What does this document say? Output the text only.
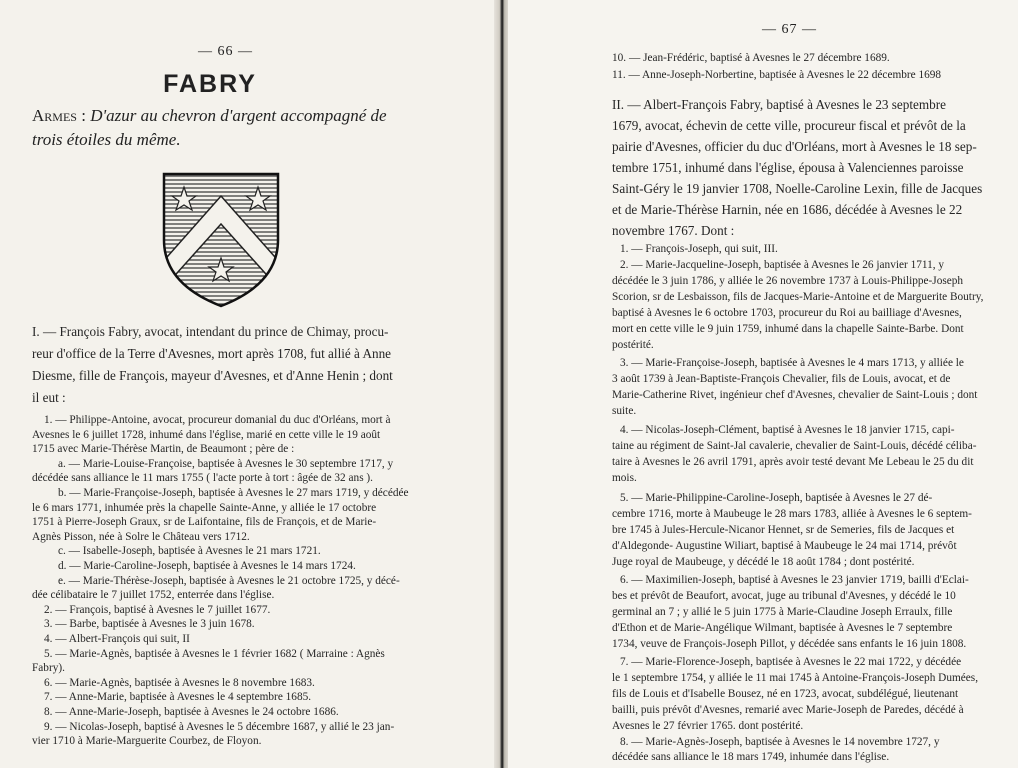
— 66 —
FABRY
Armes : D'azur au chevron d'argent accompagné de
trois étoiles du même.
I. — François Fabry, avocat, intendant du prince de Chimay, procu-
reur d'office de la Terre d'Avesnes, mort après 1708, fut allié à Anne
Diesme, fille de François, mayeur d'Avesnes, et d'Anne Henin ; dont
il eut :
1. — Philippe-Antoine, avocat, procureur domanial du duc d'Orléans, mort à
Avesnes le 6 juillet 1728, inhumé dans l'église, marié en cette ville le 19 août
1715 avec Marie-Thérèse Martin, de Beaumont ; père de :
a. — Marie-Louise-Françoise, baptisée à Avesnes le 30 septembre 1717, y
décédée sans alliance le 11 mars 1755 ( l'acte porte à tort : âgée de 32 ans ).
b. — Marie-Françoise-Joseph, baptisée à Avesnes le 27 mars 1719, y décédée
le 6 mars 1771, inhumée près la chapelle Sainte-Anne, y alliée le 17 octobre
1751 à Pierre-Joseph Graux, sr de Laifontaine, fils de François, et de Marie-
Agnès Pisson, née à Solre le Château vers 1712.
c. — Isabelle-Joseph, baptisée à Avesnes le 21 mars 1721.
d. — Marie-Caroline-Joseph, baptisée à Avesnes le 14 mars 1724.
e. — Marie-Thérèse-Joseph, baptisée à Avesnes le 21 octobre 1725, y décé-
dée célibataire le 7 juillet 1752, enterrée dans l'église.
2. — François, baptisé à Avesnes le 7 juillet 1677.
3. — Barbe, baptisée à Avesnes le 3 juin 1678.
4. — Albert-François qui suit, II
5. — Marie-Agnès, baptisée à Avesnes le 1 février 1682 ( Marraine : Agnès
Fabry).
6. — Marie-Agnès, baptisée à Avesnes le 8 novembre 1683.
7. — Anne-Marie, baptisée à Avesnes le 4 septembre 1685.
8. — Anne-Marie-Joseph, baptisée à Avesnes le 24 octobre 1686.
9. — Nicolas-Joseph, baptisé à Avesnes le 5 décembre 1687, y allié le 23 jan-
vier 1710 à Marie-Marguerite Courbez, de Floyon.
— 67 —
10. — Jean-Frédéric, baptisé à Avesnes le 27 décembre 1689.
11. — Anne-Joseph-Norbertine, baptisée à Avesnes le 22 décembre 1698
II. — Albert-François Fabry, baptisé à Avesnes le 23 septembre
1679, avocat, échevin de cette ville, procureur fiscal et prévôt de la
pairie d'Avesnes, officier du duc d'Orléans, mort à Avesnes le 18 sep-
tembre 1751, inhumé dans l'église, épousa à Valenciennes paroisse
Saint-Géry le 19 janvier 1708, Noelle-Caroline Lexin, fille de Jacques
et de Marie-Thérèse Harnin, née en 1686, décédée à Avesnes le 22
novembre 1767. Dont :
1. — François-Joseph, qui suit, III.
2. — Marie-Jacqueline-Joseph, baptisée à Avesnes le 26 janvier 1711, y
décédée le 3 juin 1786, y alliée le 26 novembre 1737 à Louis-Philippe-Joseph
Scorion, sr de Lesbaisson, fils de Jacques-Marie-Antoine et de Marguerite Boutry,
baptisé à Avesnes le 6 octobre 1703, procureur du Roi au bailliage d'Avesnes,
mort en cette ville le 9 juin 1759, inhumé dans la chapelle Sainte-Barbe. Dont
postérité.
3. — Marie-Françoise-Joseph, baptisée à Avesnes le 4 mars 1713, y alliée le
3 août 1739 à Jean-Baptiste-François Chevalier, fils de Louis, avocat, et de
Marie-Catherine Rivet, ingénieur chef d'Avesnes, chevalier de Saint-Louis ; dont
suite.
4. — Nicolas-Joseph-Clément, baptisé à Avesnes le 18 janvier 1715, capi-
taine au régiment de Saint-Jal cavalerie, chevalier de Saint-Louis, décédé céliba-
taire à Avesnes le 26 avril 1791, après avoir testé devant Me Lebeau le 25 du dit
mois.
5. — Marie-Philippine-Caroline-Joseph, baptisée à Avesnes le 27 dé-
cembre 1716, morte à Maubeuge le 28 mars 1783, alliée à Avesnes le 6 septem-
bre 1745 à Jules-Hercule-Nicanor Hennet, sr de Semeries, fils de Jacques et
d'Aldegonde- Augustine Wiliart, baptisé à Maubeuge le 24 mai 1714, prévôt
Juge royal de Maubeuge, y décédé le 18 août 1784 ; dont postérité.
6. — Maximilien-Joseph, baptisé à Avesnes le 23 janvier 1719, bailli d'Eclai-
bes et prévôt de Beaufort, avocat, juge au tribunal d'Avesnes, y décédé le 10
germinal an 7 ; y allié le 5 juin 1775 à Marie-Claudine Joseph Erraulx, fille
d'Ethon et de Marie-Angélique Wilmant, baptisée à Avesnes le 7 septembre
1734, veuve de François-Joseph Pillot, y décédée sans enfants le 16 juin 1808.
7. — Marie-Florence-Joseph, baptisée à Avesnes le 22 mai 1722, y décédée
le 1 septembre 1754, y alliée le 11 mai 1745 à Antoine-François-Joseph Dumées,
fils de Louis et d'Isabelle Bousez, né en 1723, avocat, subdélégué, lieutenant
bailli, puis prévôt d'Avesnes, remarié avec Marie-Joseph de Paredes, décédé à
Avesnes le 27 février 1765. dont postérité.
8. — Marie-Agnès-Joseph, baptisée à Avesnes le 14 novembre 1727, y
décédée sans alliance le 18 mars 1749, inhumée dans l'église.
